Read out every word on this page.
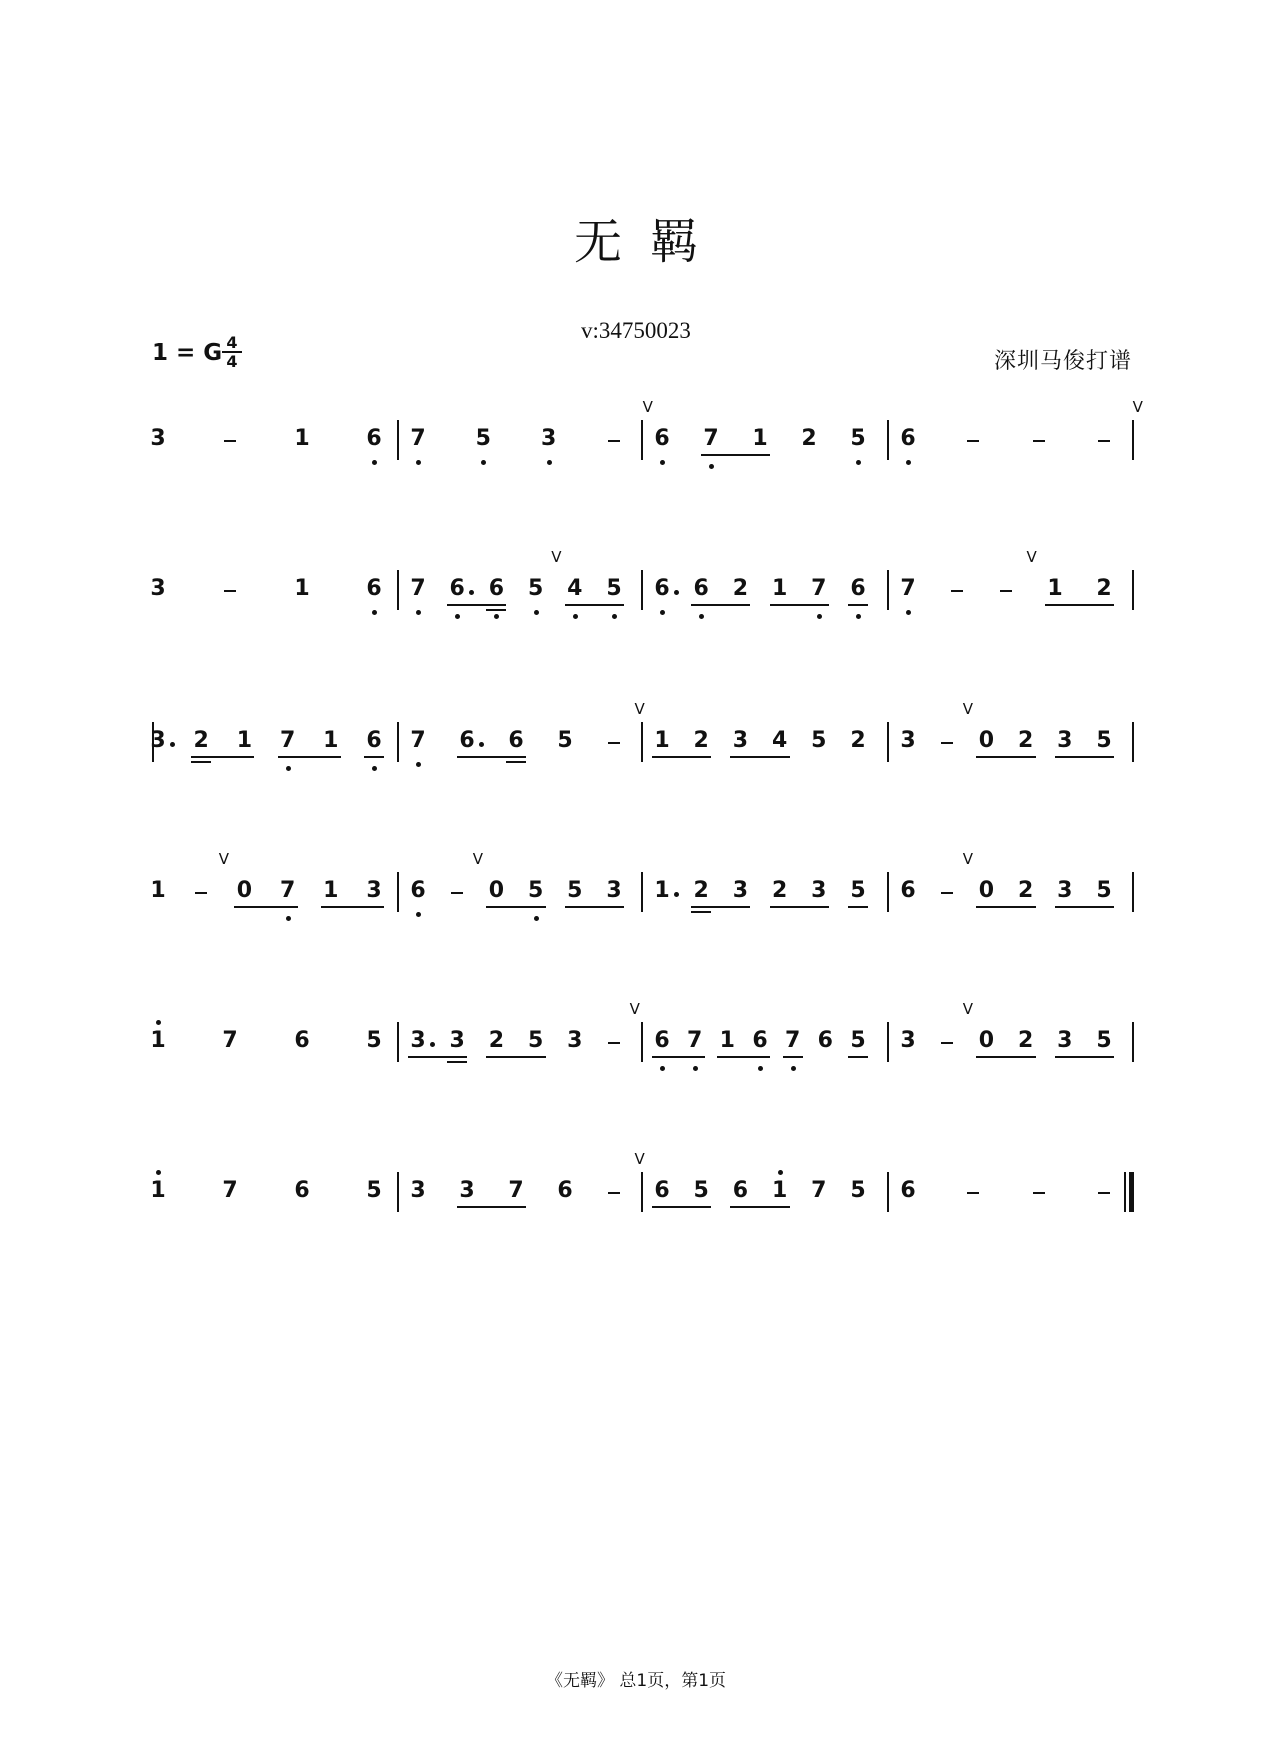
无羁
v:34750023
1 = G 4
4	深圳马俊打谱
3	1	6 7 5 3
V
6 7 1 2 5 6
V
3	1	6 7 6 6 5
V
4 5 6 6 2 1 7 6 7
V
1 2
3 2 1 7 1 6 7 6 6 5
V
1 2 3 4 5 2 3
V
0 2 3 5
1
V
0 7 1 3 6
V
0 5 5 3 1 2 3 2 3 5 6
V
0 2 3 5
1	7	6	5 3 3 2 5 3
V
6 7 1 6 7 6 5 3
V
0 2 3 5
1	7	6	5 3 3 7 6
V
6 5 6 1 7 5 6
《无羁》 总1页，第1页
